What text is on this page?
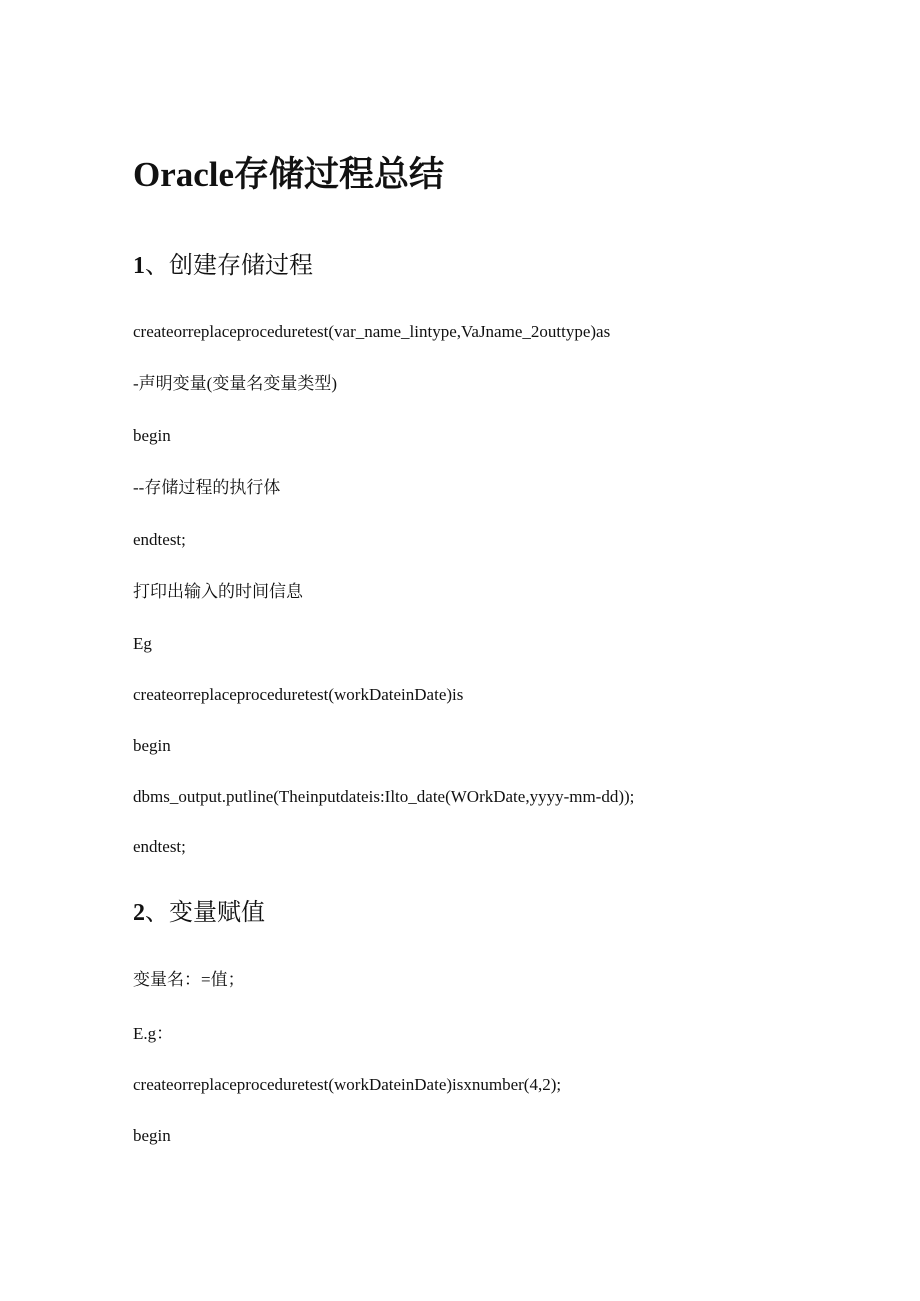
Oracle存储过程总结
1、创建存储过程
createorreplaceproceduretest(var_name_lintype,VaJname_2outtype)as
-声明变量(变量名变量类型)
begin
--存储过程的执行体
endtest;
打印出输入的时间信息
Eg
createorreplaceproceduretest(workDateinDate)is
begin
dbms_output.putline(Theinputdateis:Ilto_date(WOrkDate,yyyy-mm-dd));
endtest;
2、变量赋值
变量名：=值；
E.g：
createorreplaceproceduretest(workDateinDate)isxnumber(4,2);
begin
